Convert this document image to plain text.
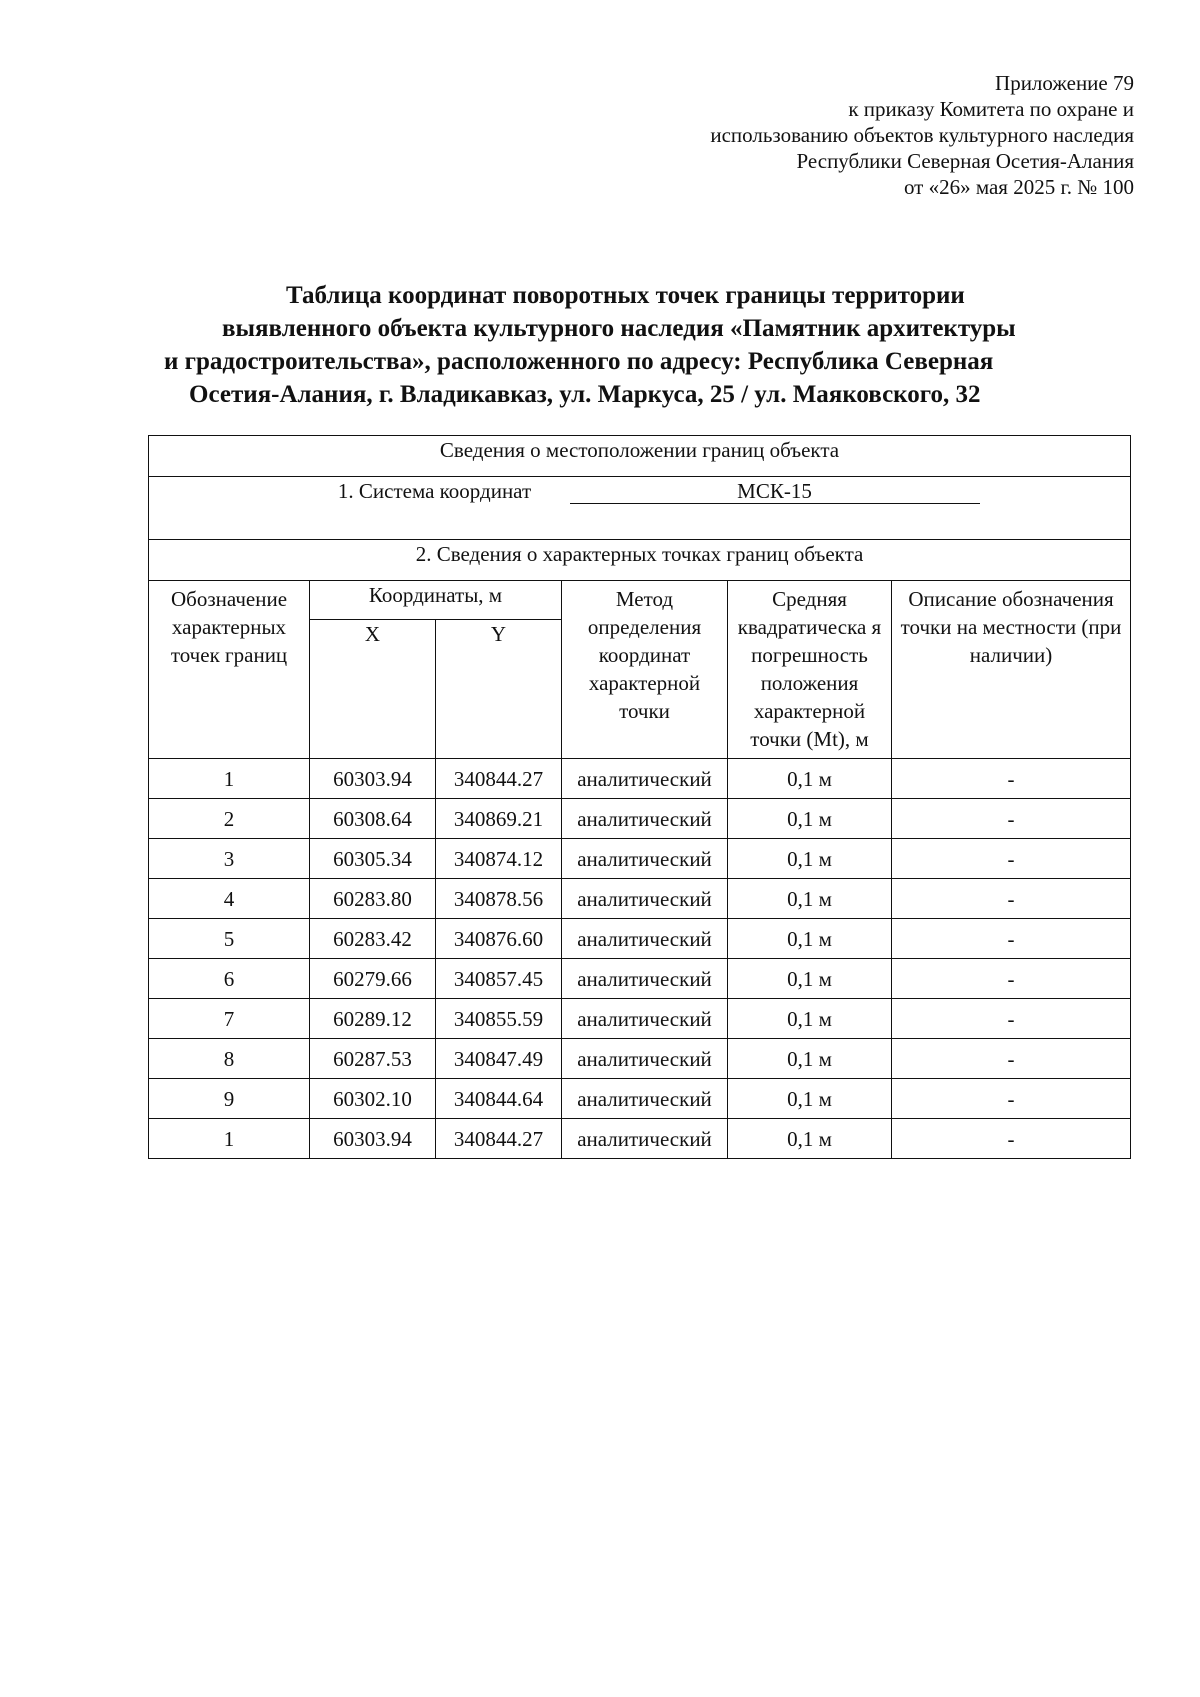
Приложение 79
к приказу Комитета по охране и
использованию объектов культурного наследия
Республики Северная Осетия-Алания
от «26» мая 2025 г. № 100
Таблица координат поворотных точек границы территории
выявленного объекта культурного наследия «Памятник архитектуры
и градостроительства», расположенного по адресу: Республика Северная
Осетия-Алания, г. Владикавказ, ул. Маркуса, 25 / ул. Маяковского, 32
Сведения о местоположении границ объекта					
1. Система координат МСК-15					
2. Сведения о характерных точках границ объекта					
Обозначение характерных точек границ	Координаты, м		Метод определения координат характерной точки	Средняя квадратическа я погрешность положения характерной точки (Mt), м	Описание обозначения точки на местности (при наличии)
	X	Y			
1	60303.94	340844.27	аналитический	0,1 м	-
2	60308.64	340869.21	аналитический	0,1 м	-
3	60305.34	340874.12	аналитический	0,1 м	-
4	60283.80	340878.56	аналитический	0,1 м	-
5	60283.42	340876.60	аналитический	0,1 м	-
6	60279.66	340857.45	аналитический	0,1 м	-
7	60289.12	340855.59	аналитический	0,1 м	-
8	60287.53	340847.49	аналитический	0,1 м	-
9	60302.10	340844.64	аналитический	0,1 м	-
1	60303.94	340844.27	аналитический	0,1 м	-
